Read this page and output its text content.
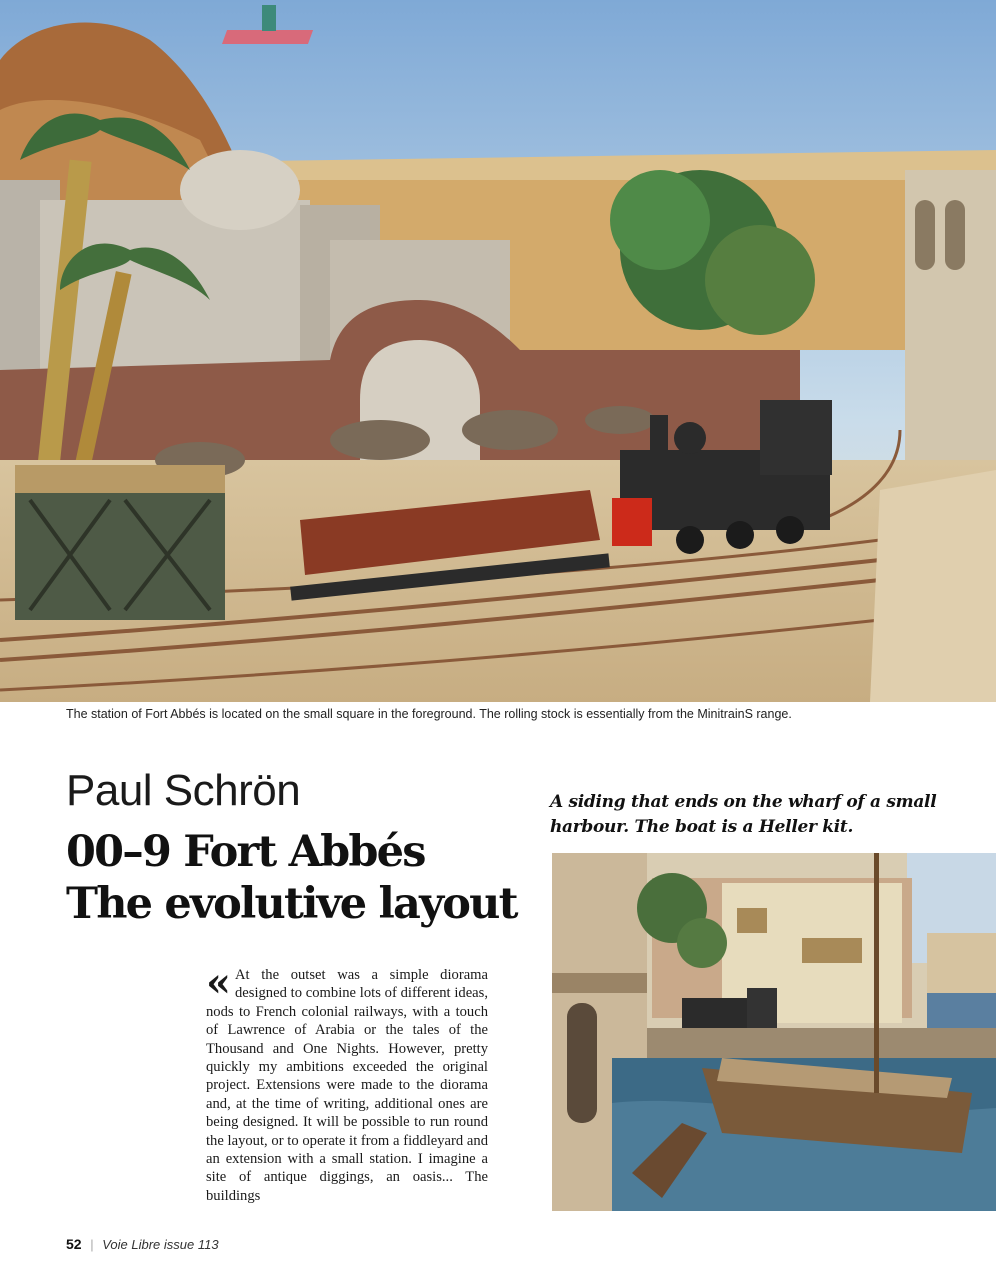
The station of Fort Abbés is located on the small square in the foreground. The rolling stock is essentially from the MinitrainS range.
Paul Schrön
00–9 Fort Abbés
The evolutive layout
A siding that ends on the wharf of a small harbour. The boat is a Heller kit.
« At the outset was a simple diorama designed to combine lots of different ideas, nods to French colonial railways, with a touch of Lawrence of Arabia or the tales of the Thousand and One Nights. However, pretty quickly my ambitions exceeded the original project. Extensions were made to the diorama and, at the time of writing, additional ones are being designed. It will be possible to run round the layout, or to operate it from a fiddleyard and an extension with a small station. I imagine a site of antique diggings, an oasis... The buildings
52 | Voie Libre issue 113
